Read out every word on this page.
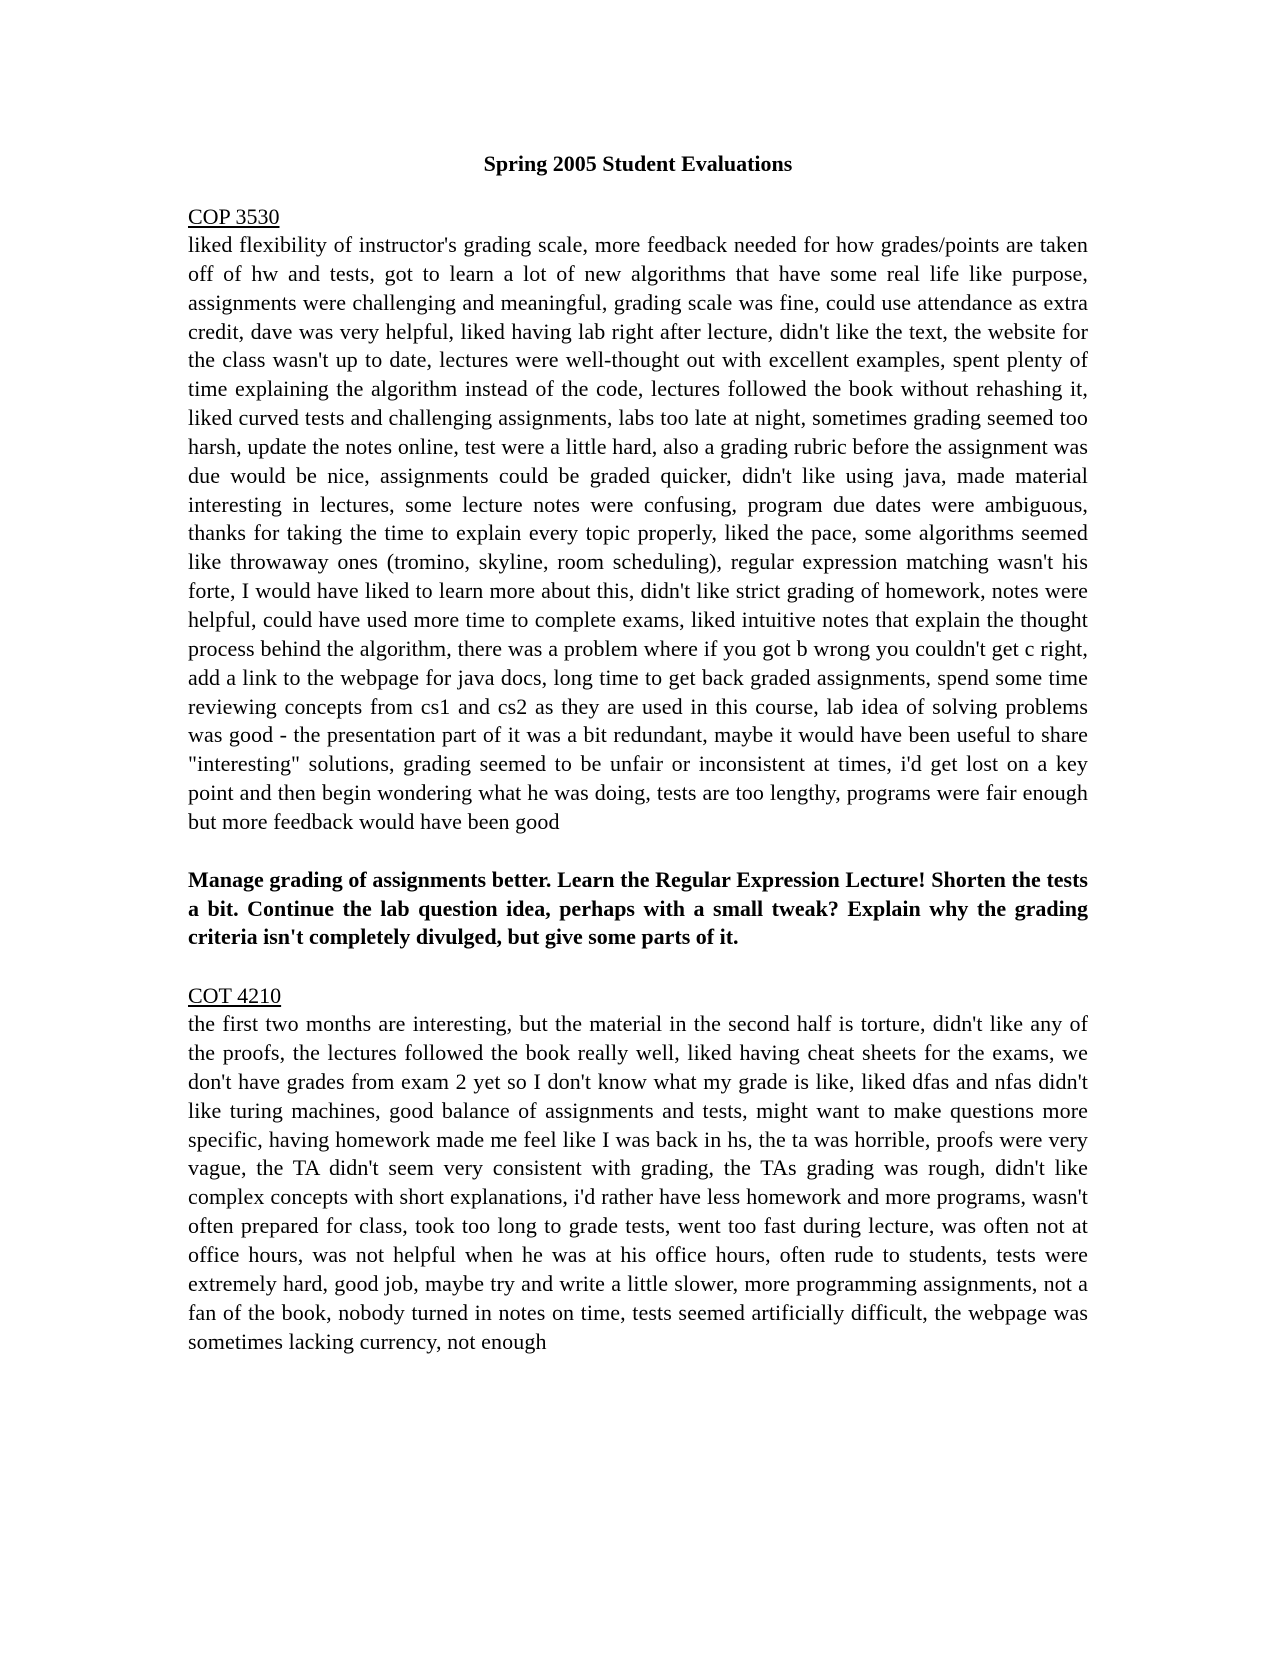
Spring 2005 Student Evaluations

COP 3530

liked flexibility of instructor's grading scale, more feedback needed for how grades/points are taken off of hw and tests, got to learn a lot of new algorithms that have some real life like purpose, assignments were challenging and meaningful, grading scale was fine, could use attendance as extra credit, dave was very helpful, liked having lab right after lecture, didn't like the text, the website for the class wasn't up to date, lectures were well-thought out with excellent examples, spent plenty of time explaining the algorithm instead of the code, lectures followed the book without rehashing it, liked curved tests and challenging assignments, labs too late at night, sometimes grading seemed too harsh, update the notes online, test were a little hard, also a grading rubric before the assignment was due would be nice, assignments could be graded quicker, didn't like using java, made material interesting in lectures, some lecture notes were confusing, program due dates were ambiguous, thanks for taking the time to explain every topic properly, liked the pace, some algorithms seemed like throwaway ones (tromino, skyline, room scheduling), regular expression matching wasn't his forte, I would have liked to learn more about this, didn't like strict grading of homework, notes were helpful, could have used more time to complete exams, liked intuitive notes that explain the thought process behind the algorithm, there was a problem where if you got b wrong you couldn't get c right, add a link to the webpage for java docs, long time to get back graded assignments, spend some time reviewing concepts from cs1 and cs2 as they are used in this course, lab idea of solving problems was good - the presentation part of it was a bit redundant, maybe it would have been useful to share "interesting" solutions, grading seemed to be unfair or inconsistent at times, i'd get lost on a key point and then begin wondering what he was doing, tests are too lengthy, programs were fair enough but more feedback would have been good

Manage grading of assignments better. Learn the Regular Expression Lecture! Shorten the tests a bit. Continue the lab question idea, perhaps with a small tweak? Explain why the grading criteria isn't completely divulged, but give some parts of it.

COT 4210

the first two months are interesting, but the material in the second half is torture, didn't like any of the proofs, the lectures followed the book really well, liked having cheat sheets for the exams, we don't have grades from exam 2 yet so I don't know what my grade is like, liked dfas and nfas didn't like turing machines, good balance of assignments and tests, might want to make questions more specific, having homework made me feel like I was back in hs, the ta was horrible, proofs were very vague, the TA didn't seem very consistent with grading, the TAs grading was rough, didn't like complex concepts with short explanations, i'd rather have less homework and more programs, wasn't often prepared for class, took too long to grade tests, went too fast during lecture, was often not at office hours, was not helpful when he was at his office hours, often rude to students, tests were extremely hard, good job, maybe try and write a little slower, more programming assignments, not a fan of the book, nobody turned in notes on time, tests seemed artificially difficult, the webpage was sometimes lacking currency, not enough
